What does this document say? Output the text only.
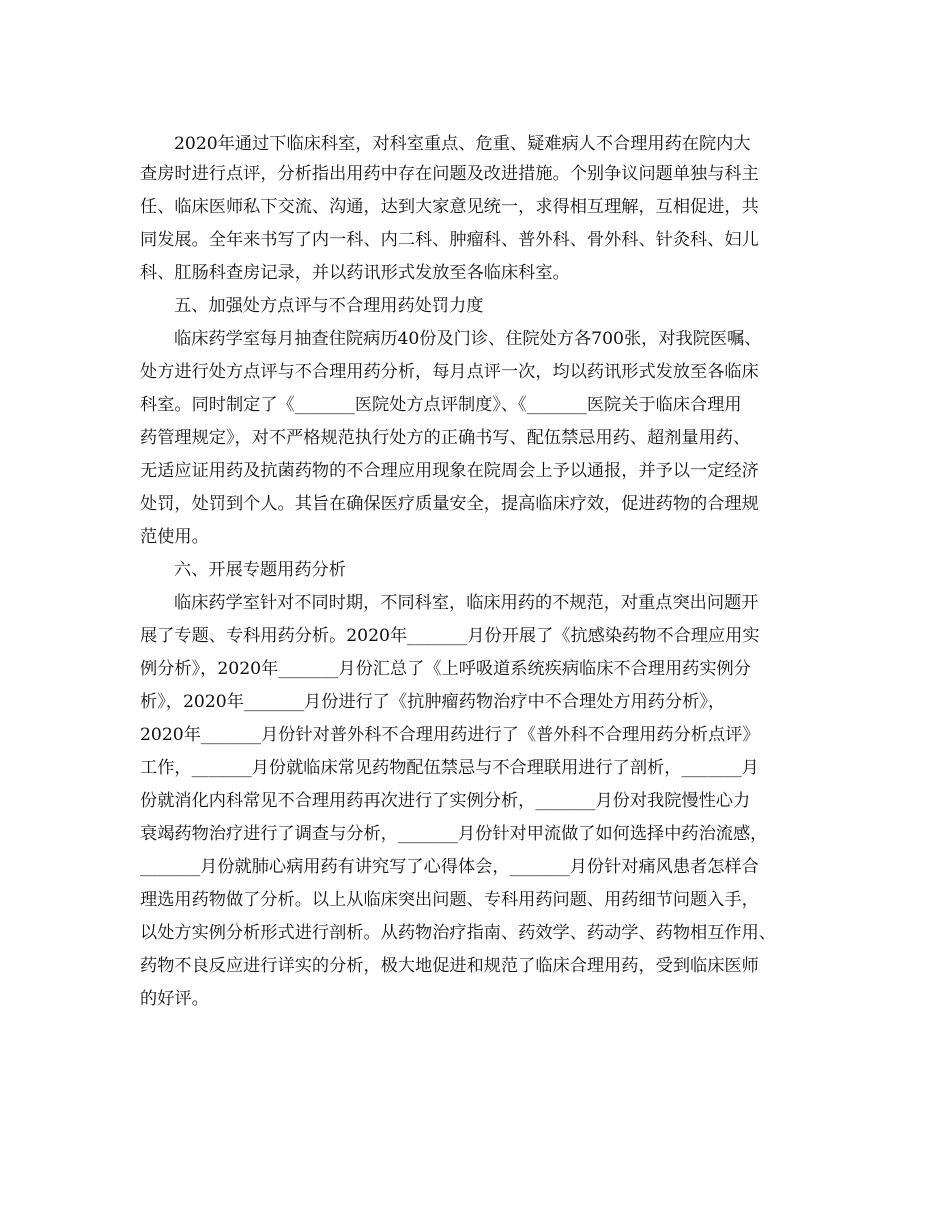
2020年通过下临床科室，对科室重点、危重、疑难病人不合理用药在院内大
查房时进行点评，分析指出用药中存在问题及改进措施。个别争议问题单独与科主
任、临床医师私下交流、沟通，达到大家意见统一，求得相互理解，互相促进，共
同发展。全年来书写了内一科、内二科、肿瘤科、普外科、骨外科、针灸科、妇儿
科、肛肠科查房记录，并以药讯形式发放至各临床科室。
五、加强处方点评与不合理用药处罚力度
临床药学室每月抽查住院病历40份及门诊、住院处方各700张，对我院医嘱、
处方进行处方点评与不合理用药分析，每月点评一次，均以药讯形式发放至各临床
科室。同时制定了《_______医院处方点评制度》、《_______医院关于临床合理用
药管理规定》，对不严格规范执行处方的正确书写、配伍禁忌用药、超剂量用药、
无适应证用药及抗菌药物的不合理应用现象在院周会上予以通报，并予以一定经济
处罚，处罚到个人。其旨在确保医疗质量安全，提高临床疗效，促进药物的合理规
范使用。
六、开展专题用药分析
临床药学室针对不同时期，不同科室，临床用药的不规范，对重点突出问题开
展了专题、专科用药分析。2020年_______月份开展了《抗感染药物不合理应用实
例分析》，2020年_______月份汇总了《上呼吸道系统疾病临床不合理用药实例分
析》，2020年_______月份进行了《抗肿瘤药物治疗中不合理处方用药分析》，
2020年_______月份针对普外科不合理用药进行了《普外科不合理用药分析点评》
工作，_______月份就临床常见药物配伍禁忌与不合理联用进行了剖析，_______月
份就消化内科常见不合理用药再次进行了实例分析，_______月份对我院慢性心力
衰竭药物治疗进行了调查与分析，_______月份针对甲流做了如何选择中药治流感，
_______月份就肺心病用药有讲究写了心得体会，_______月份针对痛风患者怎样合
理选用药物做了分析。以上从临床突出问题、专科用药问题、用药细节问题入手，
以处方实例分析形式进行剖析。从药物治疗指南、药效学、药动学、药物相互作用、
药物不良反应进行详实的分析，极大地促进和规范了临床合理用药，受到临床医师
的好评。
